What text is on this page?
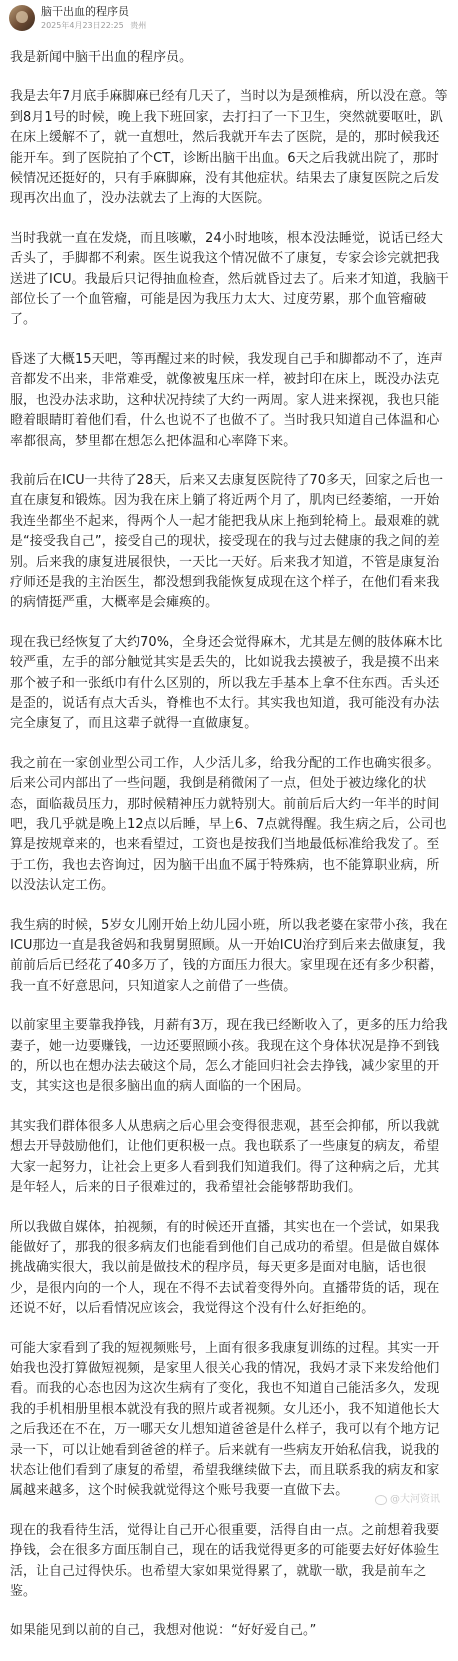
脑干出血的程序员
2025年4月23日22:25 贵州

我是新闻中脑干出血的程序员。

我是去年7月底手麻脚麻已经有几天了，当时以为是颈椎病，所以没在意。等到8月1号的时候，晚上我下班回家，去打扫了一下卫生，突然就要呕吐，趴在床上缓解不了，就一直想吐，然后我就开车去了医院，是的，那时候我还能开车。到了医院拍了个CT，诊断出脑干出血。6天之后我就出院了，那时候情况还挺好的，只有手麻脚麻，没有其他症状。结果去了康复医院之后发现再次出血了，没办法就去了上海的大医院。

当时我就一直在发烧，而且咳嗽，24小时地咳，根本没法睡觉，说话已经大舌头了，手脚都不利索。医生说我这个情况做不了康复，专家会诊完就把我送进了ICU。我最后只记得抽血检查，然后就昏过去了。后来才知道，我脑干部位长了一个血管瘤，可能是因为我压力太大、过度劳累，那个血管瘤破了。

昏迷了大概15天吧，等再醒过来的时候，我发现自己手和脚都动不了，连声音都发不出来，非常难受，就像被鬼压床一样，被封印在床上，既没办法克服，也没办法求助，这种状况持续了大约一两周。家人进来探视，我也只能瞪着眼睛盯着他们看，什么也说不了也做不了。当时我只知道自己体温和心率都很高，梦里都在想怎么把体温和心率降下来。

我前后在ICU一共待了28天，后来又去康复医院待了70多天，回家之后也一直在康复和锻炼。因为我在床上躺了将近两个月了，肌肉已经萎缩，一开始我连坐都坐不起来，得两个人一起才能把我从床上拖到轮椅上。最艰难的就是“接受我自己”，接受自己的现状，接受现在的我与过去健康的我之间的差别。后来我的康复进展很快，一天比一天好。后来我才知道，不管是康复治疗师还是我的主治医生，都没想到我能恢复成现在这个样子，在他们看来我的病情挺严重，大概率是会瘫痪的。

现在我已经恢复了大约70%，全身还会觉得麻木，尤其是左侧的肢体麻木比较严重，左手的部分触觉其实是丢失的，比如说我去摸被子，我是摸不出来那个被子和一张纸巾有什么区别的，所以我左手基本上拿不住东西。舌头还是歪的，说话有点大舌头，脊椎也不太行。其实我也知道，我可能没有办法完全康复了，而且这辈子就得一直做康复。

我之前在一家创业型公司工作，人少活儿多，给我分配的工作也确实很多。后来公司内部出了一些问题，我倒是稍微闲了一点，但处于被边缘化的状态，面临裁员压力，那时候精神压力就特别大。前前后后大约一年半的时间吧，我几乎就是晚上12点以后睡，早上6、7点就得醒。我生病之后，公司也算是按规章来的，也来看望过，工资也是按我们当地最低标准给我发了。至于工伤，我也去咨询过，因为脑干出血不属于特殊病，也不能算职业病，所以没法认定工伤。

我生病的时候，5岁女儿刚开始上幼儿园小班，所以我老婆在家带小孩，我在ICU那边一直是我爸妈和我舅舅照顾。从一开始ICU治疗到后来去做康复，我前前后后已经花了40多万了，钱的方面压力很大。家里现在还有多少积蓄，我一直不好意思问，只知道家人之前借了一些债。

以前家里主要靠我挣钱，月薪有3万，现在我已经断收入了，更多的压力给我妻子，她一边要赚钱，一边还要照顾小孩。我现在这个身体状况是挣不到钱的，所以也在想办法去破这个局，怎么才能回归社会去挣钱，减少家里的开支，其实这也是很多脑出血的病人面临的一个困局。

其实我们群体很多人从患病之后心里会变得很悲观，甚至会抑郁，所以我就想去开导鼓励他们，让他们更积极一点。我也联系了一些康复的病友，希望大家一起努力，让社会上更多人看到我们知道我们。得了这种病之后，尤其是年轻人，后来的日子很难过的，我希望社会能够帮助我们。

所以我做自媒体，拍视频，有的时候还开直播，其实也在一个尝试，如果我能做好了，那我的很多病友们也能看到他们自己成功的希望。但是做自媒体挑战确实很大，我以前是做技术的程序员，每天更多是面对电脑，话也很少，是很内向的一个人，现在不得不去试着变得外向。直播带货的话，现在还说不好，以后看情况应该会，我觉得这个没有什么好拒绝的。

可能大家看到了我的短视频账号，上面有很多我康复训练的过程。其实一开始我也没打算做短视频，是家里人很关心我的情况，我妈才录下来发给他们看。而我的心态也因为这次生病有了变化，我也不知道自己能活多久，发现我的手机相册里根本就没有我的照片或者视频。女儿还小，我不知道他长大之后我还在不在，万一哪天女儿想知道爸爸是什么样子，我可以有个地方记录一下，可以让她看到爸爸的样子。后来就有一些病友开始私信我，说我的状态让他们看到了康复的希望，希望我继续做下去，而且联系我的病友和家属越来越多，这个时候我就觉得这个账号我要一直做下去。

现在的我看待生活，觉得让自己开心很重要，活得自由一点。之前想着我要挣钱，会在很多方面压制自己，现在的话我觉得更多的可能要去好好体验生活，让自己过得快乐。也希望大家如果觉得累了，就歇一歇，我是前车之鉴。

如果能见到以前的自己，我想对他说：“好好爱自己。”

@大河资讯
